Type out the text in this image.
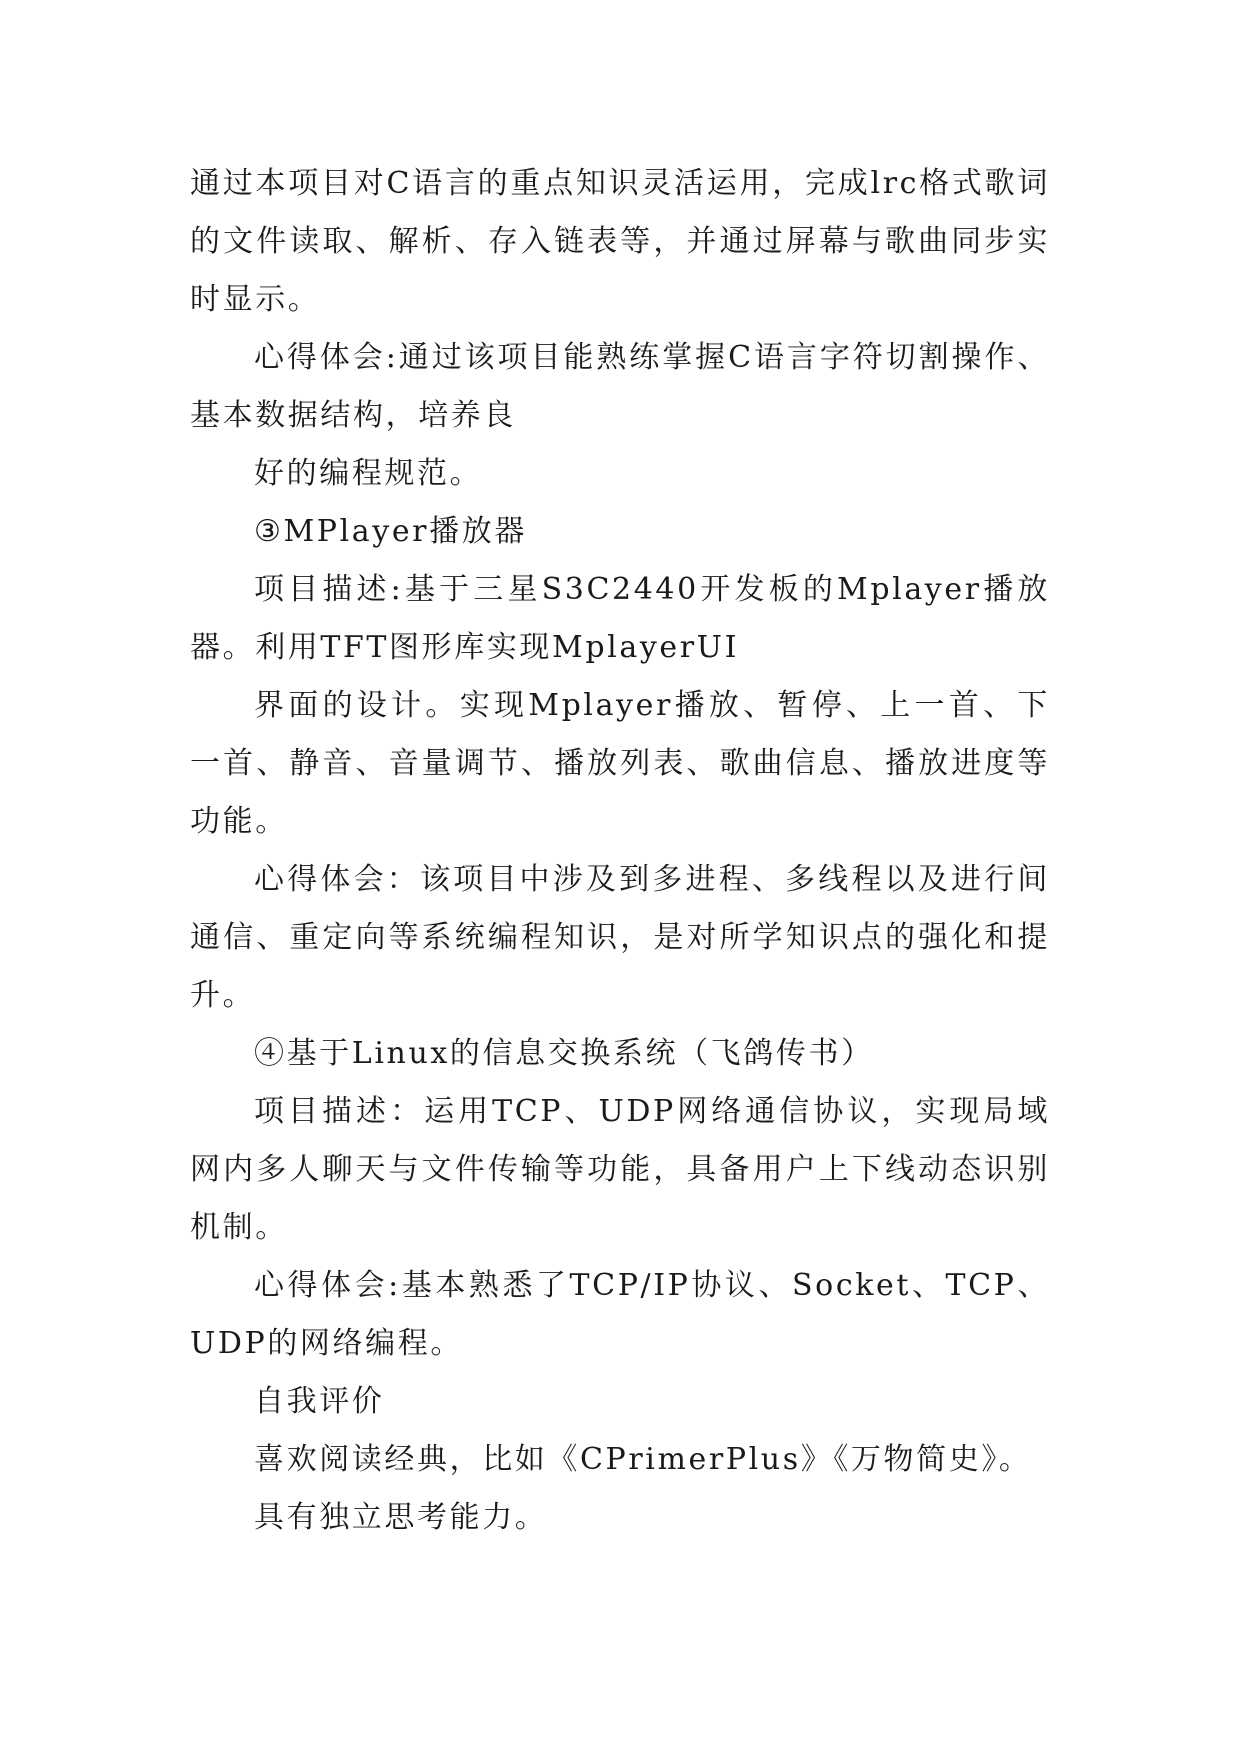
通过本项目对C语言的重点知识灵活运用，完成lrc格式歌词的文件读取、解析、存入链表等，并通过屏幕与歌曲同步实时显示。

心得体会:通过该项目能熟练掌握C语言字符切割操作、基本数据结构，培养良

好的编程规范。

③MPlayer播放器

项目描述:基于三星S3C2440开发板的Mplayer播放器。利用TFT图形库实现MplayerUI

界面的设计。实现Mplayer播放、暂停、上一首、下一首、静音、音量调节、播放列表、歌曲信息、播放进度等功能。

心得体会：该项目中涉及到多进程、多线程以及进行间通信、重定向等系统编程知识，是对所学知识点的强化和提升。

④基于Linux的信息交换系统（飞鸽传书）

项目描述：运用TCP、UDP网络通信协议，实现局域网内多人聊天与文件传输等功能，具备用户上下线动态识别机制。

心得体会:基本熟悉了TCP/IP协议、Socket、TCP、UDP的网络编程。

自我评价

喜欢阅读经典，比如《CPrimerPlus》《万物简史》。

具有独立思考能力。
